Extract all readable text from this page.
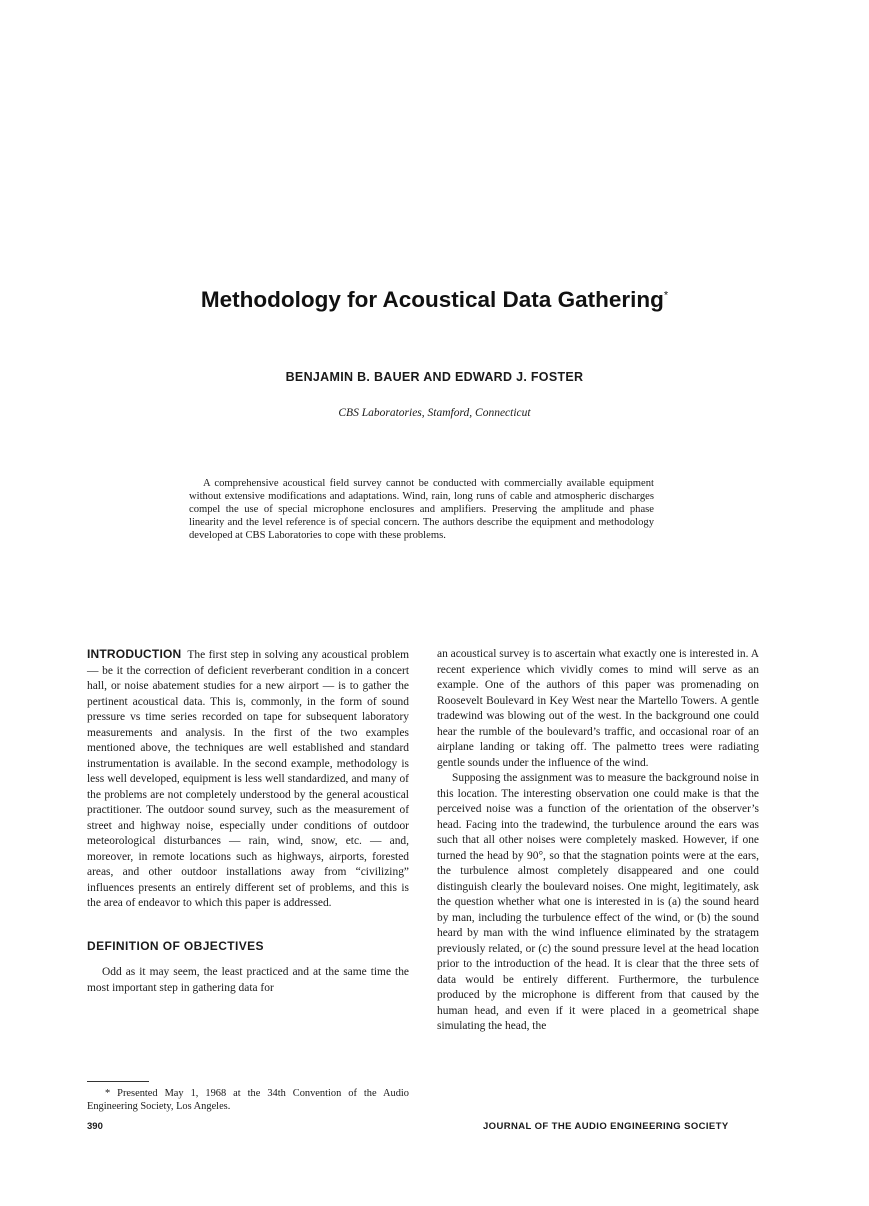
Methodology for Acoustical Data Gathering*
BENJAMIN B. BAUER AND EDWARD J. FOSTER
CBS Laboratories, Stamford, Connecticut

A comprehensive acoustical field survey cannot be conducted with commercially available equipment without extensive modifications and adaptations. Wind, rain, long runs of cable and atmospheric discharges compel the use of special microphone enclosures and amplifiers. Preserving the amplitude and phase linearity and the level reference is of special concern. The authors describe the equipment and methodology developed at CBS Laboratories to cope with these problems.

INTRODUCTION The first step in solving any acoustical problem — be it the correction of deficient reverberant condition in a concert hall, or noise abatement studies for a new airport — is to gather the pertinent acoustical data. This is, commonly, in the form of sound pressure vs time series recorded on tape for subsequent laboratory measurements and analysis. In the first of the two examples mentioned above, the techniques are well established and standard instrumentation is available. In the second example, methodology is less well developed, equipment is less well standardized, and many of the problems are not completely understood by the general acoustical practitioner. The outdoor sound survey, such as the measurement of street and highway noise, especially under conditions of outdoor meteorological disturbances — rain, wind, snow, etc. — and, moreover, in remote locations such as highways, airports, forested areas, and other outdoor installations away from “civilizing” influences presents an entirely different set of problems, and this is the area of endeavor to which this paper is addressed.

DEFINITION OF OBJECTIVES

Odd as it may seem, the least practiced and at the same time the most important step in gathering data for

an acoustical survey is to ascertain what exactly one is interested in. A recent experience which vividly comes to mind will serve as an example. One of the authors of this paper was promenading on Roosevelt Boulevard in Key West near the Martello Towers. A gentle tradewind was blowing out of the west. In the background one could hear the rumble of the boulevard’s traffic, and occasional roar of an airplane landing or taking off. The palmetto trees were radiating gentle sounds under the influence of the wind.

Supposing the assignment was to measure the background noise in this location. The interesting observation one could make is that the perceived noise was a function of the orientation of the observer’s head. Facing into the tradewind, the turbulence around the ears was such that all other noises were completely masked. However, if one turned the head by 90°, so that the stagnation points were at the ears, the turbulence almost completely disappeared and one could distinguish clearly the boulevard noises. One might, legitimately, ask the question whether what one is interested in is (a) the sound heard by man, including the turbulence effect of the wind, or (b) the sound heard by man with the wind influence eliminated by the stratagem previously related, or (c) the sound pressure level at the head location prior to the introduction of the head. It is clear that the three sets of data would be entirely different. Furthermore, the turbulence produced by the microphone is different from that caused by the human head, and even if it were placed in a geometrical shape simulating the head, the

* Presented May 1, 1968 at the 34th Convention of the Audio Engineering Society, Los Angeles.

390	JOURNAL OF THE AUDIO ENGINEERING SOCIETY
